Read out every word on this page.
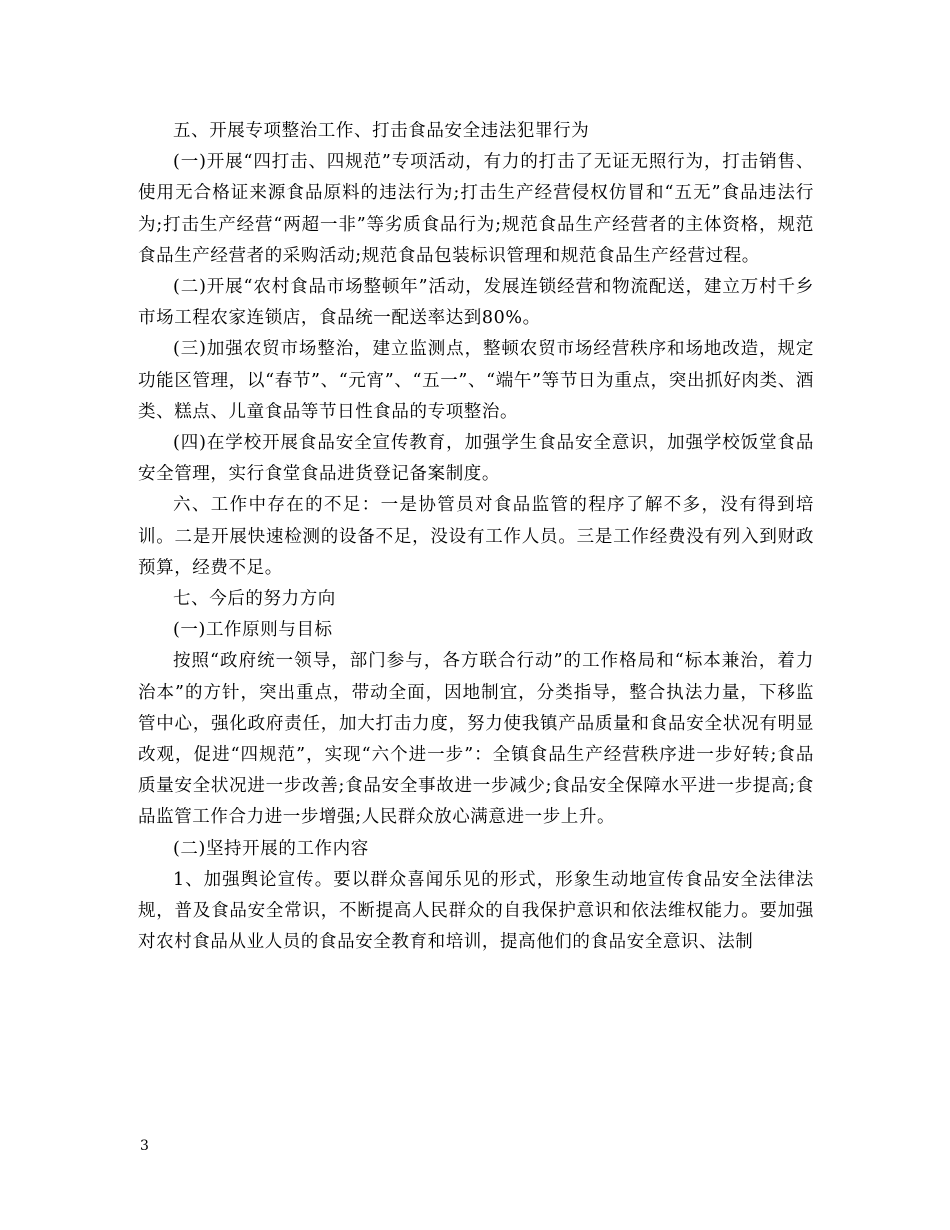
五、开展专项整治工作、打击食品安全违法犯罪行为

(一)开展“四打击、四规范”专项活动，有力的打击了无证无照行为，打击销售、使用无合格证来源食品原料的违法行为;打击生产经营侵权仿冒和“五无”食品违法行为;打击生产经营“两超一非”等劣质食品行为;规范食品生产经营者的主体资格，规范食品生产经营者的采购活动;规范食品包装标识管理和规范食品生产经营过程。

(二)开展“农村食品市场整顿年”活动，发展连锁经营和物流配送，建立万村千乡市场工程农家连锁店，食品统一配送率达到80%。

(三)加强农贸市场整治，建立监测点，整顿农贸市场经营秩序和场地改造，规定功能区管理，以“春节”、“元宵”、“五一”、“端午”等节日为重点，突出抓好肉类、酒类、糕点、儿童食品等节日性食品的专项整治。

(四)在学校开展食品安全宣传教育，加强学生食品安全意识，加强学校饭堂食品安全管理，实行食堂食品进货登记备案制度。

六、工作中存在的不足：一是协管员对食品监管的程序了解不多，没有得到培训。二是开展快速检测的设备不足，没设有工作人员。三是工作经费没有列入到财政预算，经费不足。

七、今后的努力方向

(一)工作原则与目标

按照“政府统一领导，部门参与，各方联合行动”的工作格局和“标本兼治，着力治本”的方针，突出重点，带动全面，因地制宜，分类指导，整合执法力量，下移监管中心，强化政府责任，加大打击力度，努力使我镇产品质量和食品安全状况有明显改观，促进“四规范”，实现“六个进一步”：全镇食品生产经营秩序进一步好转;食品质量安全状况进一步改善;食品安全事故进一步减少;食品安全保障水平进一步提高;食品监管工作合力进一步增强;人民群众放心满意进一步上升。

(二)坚持开展的工作内容

1、加强舆论宣传。要以群众喜闻乐见的形式，形象生动地宣传食品安全法律法规，普及食品安全常识，不断提高人民群众的自我保护意识和依法维权能力。要加强对农村食品从业人员的食品安全教育和培训，提高他们的食品安全意识、法制

3
